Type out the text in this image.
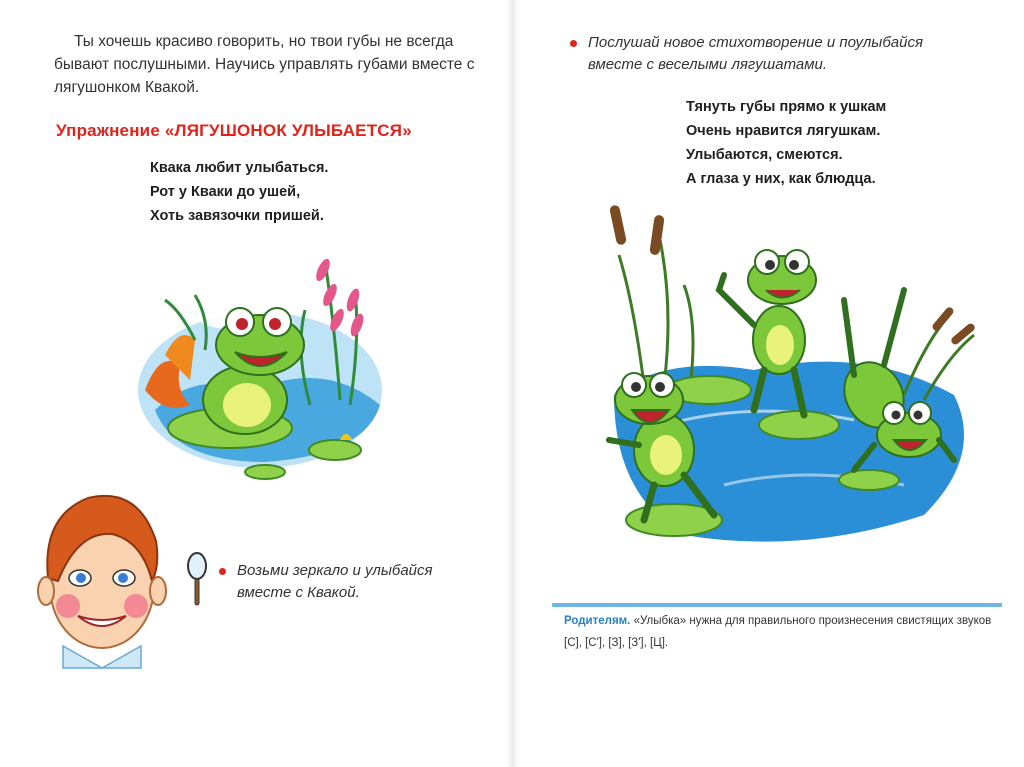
Ты хочешь красиво говорить, но твои губы не всегда бывают послушными. Научись управлять губами вместе с лягушонком Квакой.
Упражнение «ЛЯГУШОНОК УЛЫБАЕТСЯ»
Квака любит улыбаться.
Рот у Кваки до ушей,
Хоть завязочки пришей.
Возьми зеркало и улыбайся
вместе с Квакой.
Послушай новое стихотворение и поулыбайся
вместе с веселыми лягушатами.
Тянуть губы прямо к ушкам
Очень нравится лягушкам.
Улыбаются, смеются.
А глаза у них, как блюдца.
Родителям. «Улыбка» нужна для правильного произнесения свистящих звуков [С], [С'], [З], [З'], [Ц].
